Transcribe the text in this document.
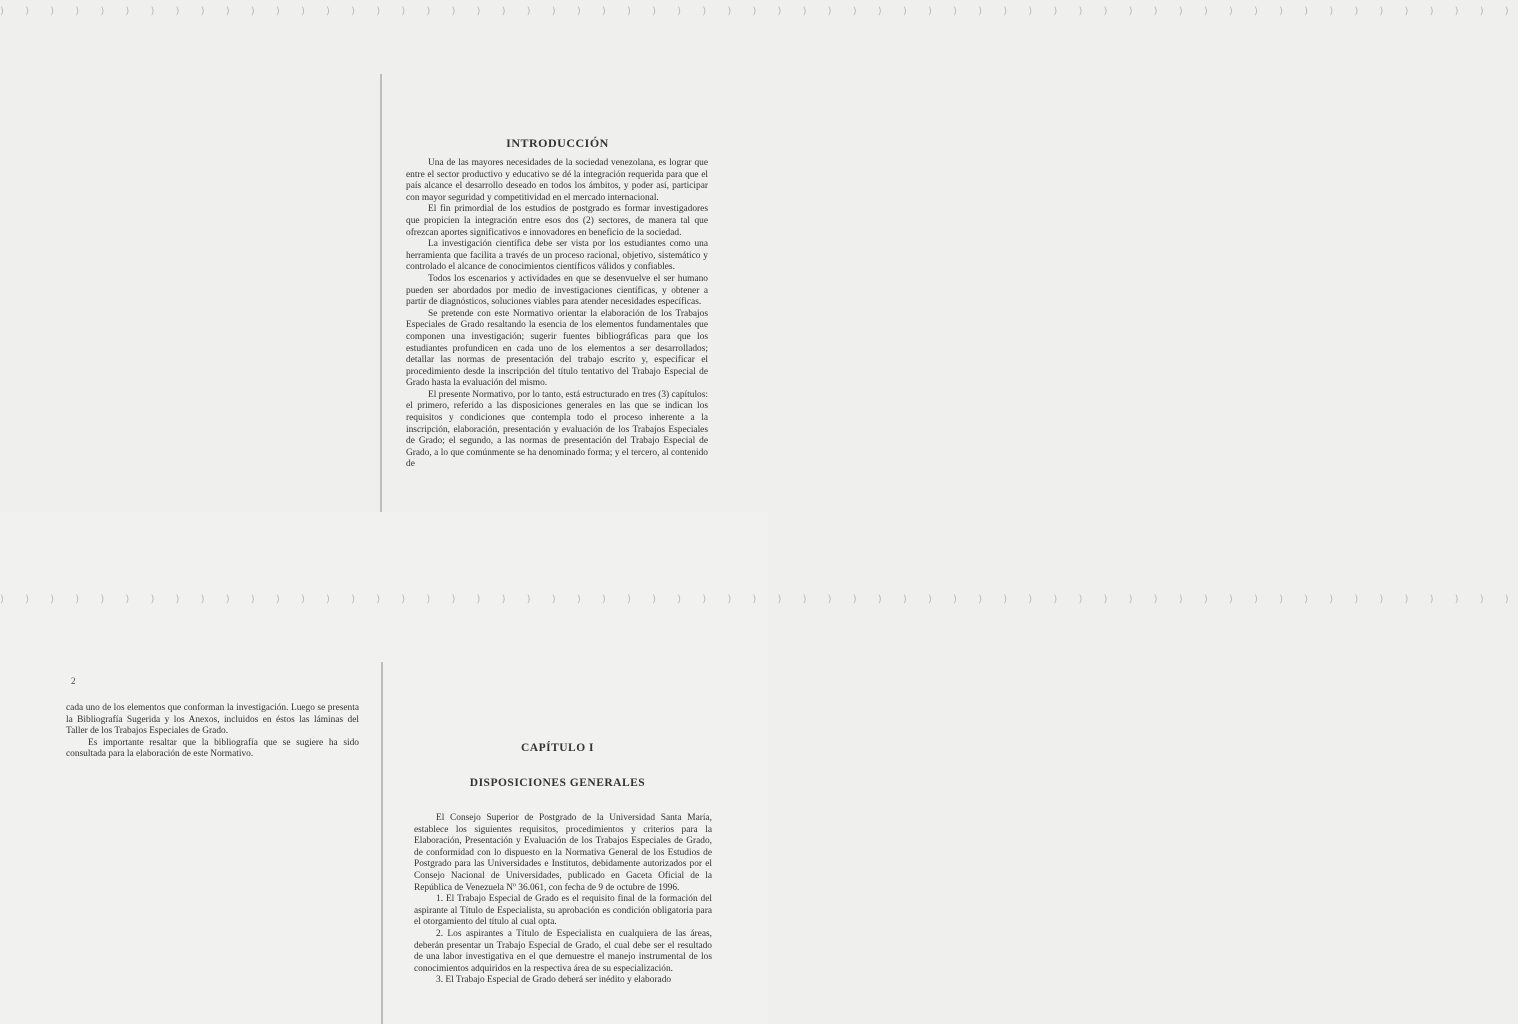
) ) ) ) ) ) ) ) ) ) ) ) ) ) ) ) ) ) ) ) ) ) ) ) ) ) ) ) ) ) ) ) ) ) ) ) ) ) ) ) ) ) ) ) ) ) ) ) ) ) ) ) ) ) ) ) ) ) ) ) )
INTRODUCCIÓN

Una de las mayores necesidades de la sociedad venezolana, es lograr que entre el sector productivo y educativo se dé la integración requerida para que el país alcance el desarrollo deseado en todos los ámbitos, y poder así, participar con mayor seguridad y competitividad en el mercado internacional.

El fin primordial de los estudios de postgrado es formar investigadores que propicien la integración entre esos dos (2) sectores, de manera tal que ofrezcan aportes significativos e innovadores en beneficio de la sociedad.

La investigación científica debe ser vista por los estudiantes como una herramienta que facilita a través de un proceso racional, objetivo, sistemático y controlado el alcance de conocimientos científicos válidos y confiables.

Todos los escenarios y actividades en que se desenvuelve el ser humano pueden ser abordados por medio de investigaciones científicas, y obtener a partir de diagnósticos, soluciones viables para atender necesidades específicas.

Se pretende con este Normativo orientar la elaboración de los Trabajos Especiales de Grado resaltando la esencia de los elementos fundamentales que componen una investigación; sugerir fuentes bibliográficas para que los estudiantes profundicen en cada uno de los elementos a ser desarrollados; detallar las normas de presentación del trabajo escrito y, especificar el procedimiento desde la inscripción del título tentativo del Trabajo Especial de Grado hasta la evaluación del mismo.

El presente Normativo, por lo tanto, está estructurado en tres (3) capítulos: el primero, referido a las disposiciones generales en las que se indican los requisitos y condiciones que contempla todo el proceso inherente a la inscripción, elaboración, presentación y evaluación de los Trabajos Especiales de Grado; el segundo, a las normas de presentación del Trabajo Especial de Grado, a lo que comúnmente se ha denominado forma; y el tercero, al contenido de

) ) ) ) ) ) ) ) ) ) ) ) ) ) ) ) ) ) ) ) ) ) ) ) ) ) ) ) ) ) ) ) ) ) ) ) ) ) ) ) ) ) ) ) ) ) ) ) ) ) ) ) ) ) ) ) ) ) ) ) )
2

cada uno de los elementos que conforman la investigación. Luego se presenta la Bibliografía Sugerida y los Anexos, incluidos en éstos las láminas del Taller de los Trabajos Especiales de Grado.

Es importante resaltar que la bibliografía que se sugiere ha sido consultada para la elaboración de este Normativo.

CAPÍTULO I
DISPOSICIONES GENERALES

El Consejo Superior de Postgrado de la Universidad Santa María, establece los siguientes requisitos, procedimientos y criterios para la Elaboración, Presentación y Evaluación de los Trabajos Especiales de Grado, de conformidad con lo dispuesto en la Normativa General de los Estudios de Postgrado para las Universidades e Institutos, debidamente autorizados por el Consejo Nacional de Universidades, publicado en Gaceta Oficial de la República de Venezuela Nº 36.061, con fecha de 9 de octubre de 1996.

1. El Trabajo Especial de Grado es el requisito final de la formación del aspirante al Título de Especialista, su aprobación es condición obligatoria para el otorgamiento del título al cual opta.

2. Los aspirantes a Título de Especialista en cualquiera de las áreas, deberán presentar un Trabajo Especial de Grado, el cual debe ser el resultado de una labor investigativa en el que demuestre el manejo instrumental de los conocimientos adquiridos en la respectiva área de su especialización.

3. El Trabajo Especial de Grado deberá ser inédito y elaborado
